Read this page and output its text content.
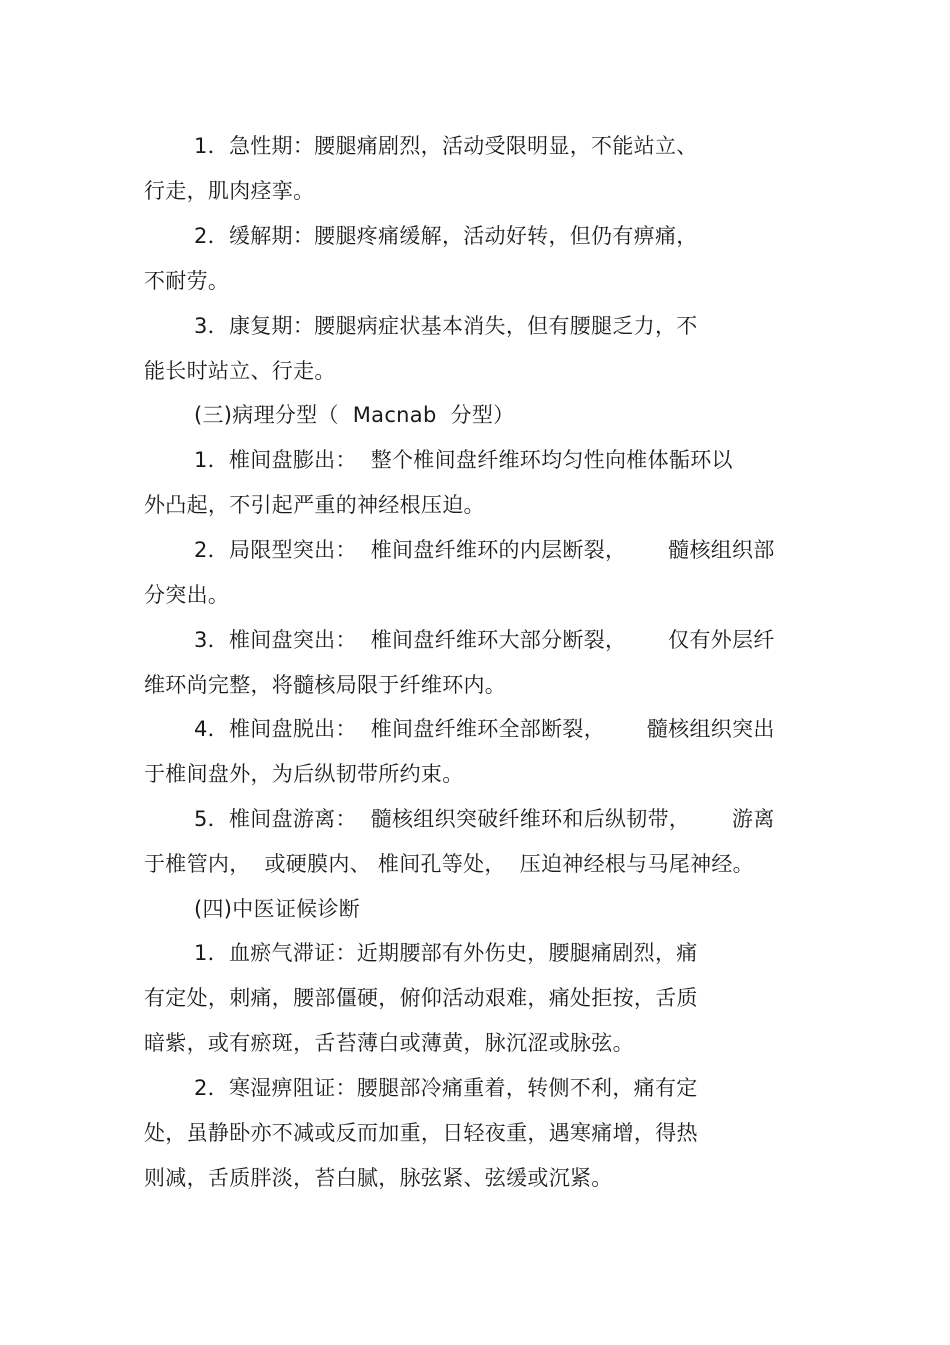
1．急性期：腰腿痛剧烈，活动受限明显，不能站立、
行走，肌肉痉挛。
2．缓解期：腰腿疼痛缓解，活动好转，但仍有痹痛，
不耐劳。
3．康复期：腰腿病症状基本消失，但有腰腿乏力，不
能长时站立、行走。
(三)病理分型（  Macnab  分型）
1．椎间盘膨出：  整个椎间盘纤维环均匀性向椎体骺环以
外凸起，不引起严重的神经根压迫。
2．局限型突出：  椎间盘纤维环的内层断裂，      髓核组织部
分突出。
3．椎间盘突出：  椎间盘纤维环大部分断裂，      仅有外层纤
维环尚完整，将髓核局限于纤维环内。
4．椎间盘脱出：  椎间盘纤维环全部断裂，      髓核组织突出
于椎间盘外，为后纵韧带所约束。
5．椎间盘游离：  髓核组织突破纤维环和后纵韧带，      游离
于椎管内，  或硬膜内、 椎间孔等处，  压迫神经根与马尾神经。
(四)中医证候诊断
1．血瘀气滞证：近期腰部有外伤史，腰腿痛剧烈，痛
有定处，刺痛，腰部僵硬，俯仰活动艰难，痛处拒按，舌质
暗紫，或有瘀斑，舌苔薄白或薄黄，脉沉涩或脉弦。
2．寒湿痹阻证：腰腿部冷痛重着，转侧不利，痛有定
处，虽静卧亦不减或反而加重，日轻夜重，遇寒痛增，得热
则减，舌质胖淡，苔白腻，脉弦紧、弦缓或沉紧。
